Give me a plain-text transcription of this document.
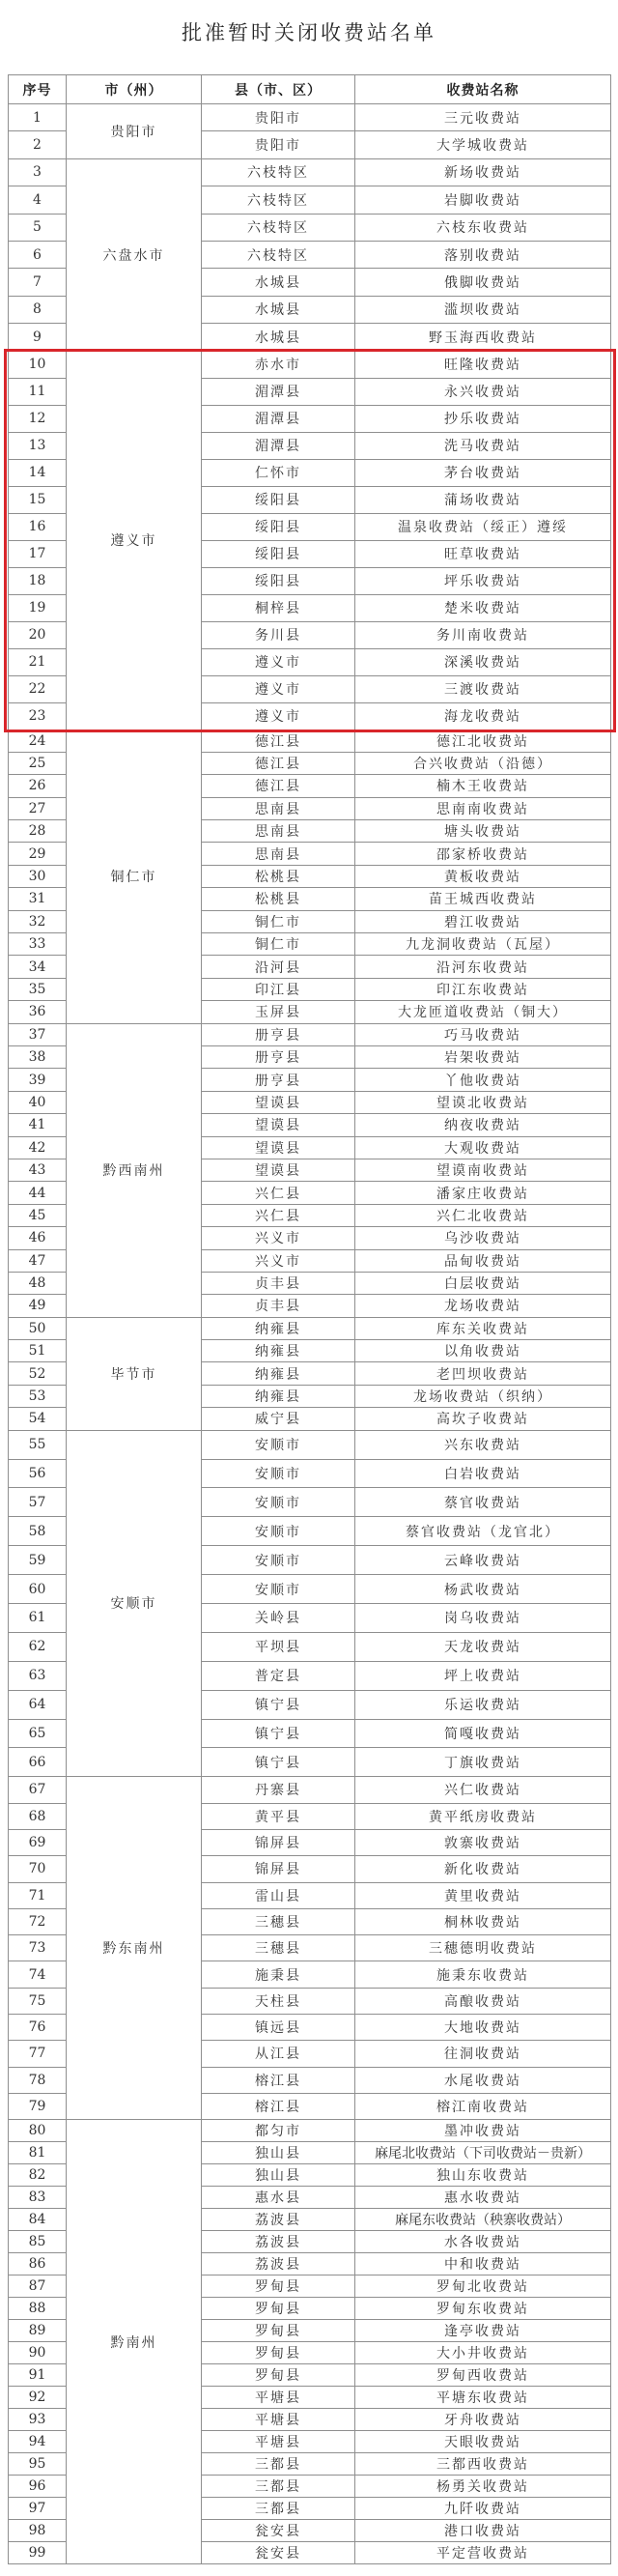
批准暂时关闭收费站名单
序号	市（州）	县（市、区）	收费站名称
1	贵阳市	贵阳市	三元收费站
2		贵阳市	大学城收费站
3	六盘水市	六枝特区	新场收费站
4		六枝特区	岩脚收费站
5		六枝特区	六枝东收费站
6		六枝特区	落别收费站
7		水城县	俄脚收费站
8		水城县	滥坝收费站
9		水城县	野玉海西收费站
10	遵义市	赤水市	旺隆收费站
11		湄潭县	永兴收费站
12		湄潭县	抄乐收费站
13		湄潭县	洗马收费站
14		仁怀市	茅台收费站
15		绥阳县	蒲场收费站
16		绥阳县	温泉收费站（绥正）遵绥
17		绥阳县	旺草收费站
18		绥阳县	坪乐收费站
19		桐梓县	楚米收费站
20		务川县	务川南收费站
21		遵义市	深溪收费站
22		遵义市	三渡收费站
23		遵义市	海龙收费站
24	铜仁市	德江县	德江北收费站
25		德江县	合兴收费站（沿德）
26		德江县	楠木王收费站
27		思南县	思南南收费站
28		思南县	塘头收费站
29		思南县	邵家桥收费站
30		松桃县	黄板收费站
31		松桃县	苗王城西收费站
32		铜仁市	碧江收费站
33		铜仁市	九龙洞收费站（瓦屋）
34		沿河县	沿河东收费站
35		印江县	印江东收费站
36		玉屏县	大龙匝道收费站（铜大）
37	黔西南州	册亨县	巧马收费站
38		册亨县	岩架收费站
39		册亨县	丫他收费站
40		望谟县	望谟北收费站
41		望谟县	纳夜收费站
42		望谟县	大观收费站
43		望谟县	望谟南收费站
44		兴仁县	潘家庄收费站
45		兴仁县	兴仁北收费站
46		兴义市	乌沙收费站
47		兴义市	品甸收费站
48		贞丰县	白层收费站
49		贞丰县	龙场收费站
50	毕节市	纳雍县	库东关收费站
51		纳雍县	以角收费站
52		纳雍县	老凹坝收费站
53		纳雍县	龙场收费站（织纳）
54		威宁县	高坎子收费站
55	安顺市	安顺市	兴东收费站
56		安顺市	白岩收费站
57		安顺市	蔡官收费站
58		安顺市	蔡官收费站（龙官北）
59		安顺市	云峰收费站
60		安顺市	杨武收费站
61		关岭县	岗乌收费站
62		平坝县	天龙收费站
63		普定县	坪上收费站
64		镇宁县	乐运收费站
65		镇宁县	简嘎收费站
66		镇宁县	丁旗收费站
67	黔东南州	丹寨县	兴仁收费站
68		黄平县	黄平纸房收费站
69		锦屏县	敦寨收费站
70		锦屏县	新化收费站
71		雷山县	黄里收费站
72		三穗县	桐林收费站
73		三穗县	三穗德明收费站
74		施秉县	施秉东收费站
75		天柱县	高酿收费站
76		镇远县	大地收费站
77		从江县	往洞收费站
78		榕江县	水尾收费站
79		榕江县	榕江南收费站
80	黔南州	都匀市	墨冲收费站
81		独山县	麻尾北收费站（下司收费站－贵新）
82		独山县	独山东收费站
83		惠水县	惠水收费站
84		荔波县	麻尾东收费站（秧寨收费站）
85		荔波县	水各收费站
86		荔波县	中和收费站
87		罗甸县	罗甸北收费站
88		罗甸县	罗甸东收费站
89		罗甸县	逢亭收费站
90		罗甸县	大小井收费站
91		罗甸县	罗甸西收费站
92		平塘县	平塘东收费站
93		平塘县	牙舟收费站
94		平塘县	天眼收费站
95		三都县	三都西收费站
96		三都县	杨勇关收费站
97		三都县	九阡收费站
98		瓮安县	港口收费站
99		瓮安县	平定营收费站
